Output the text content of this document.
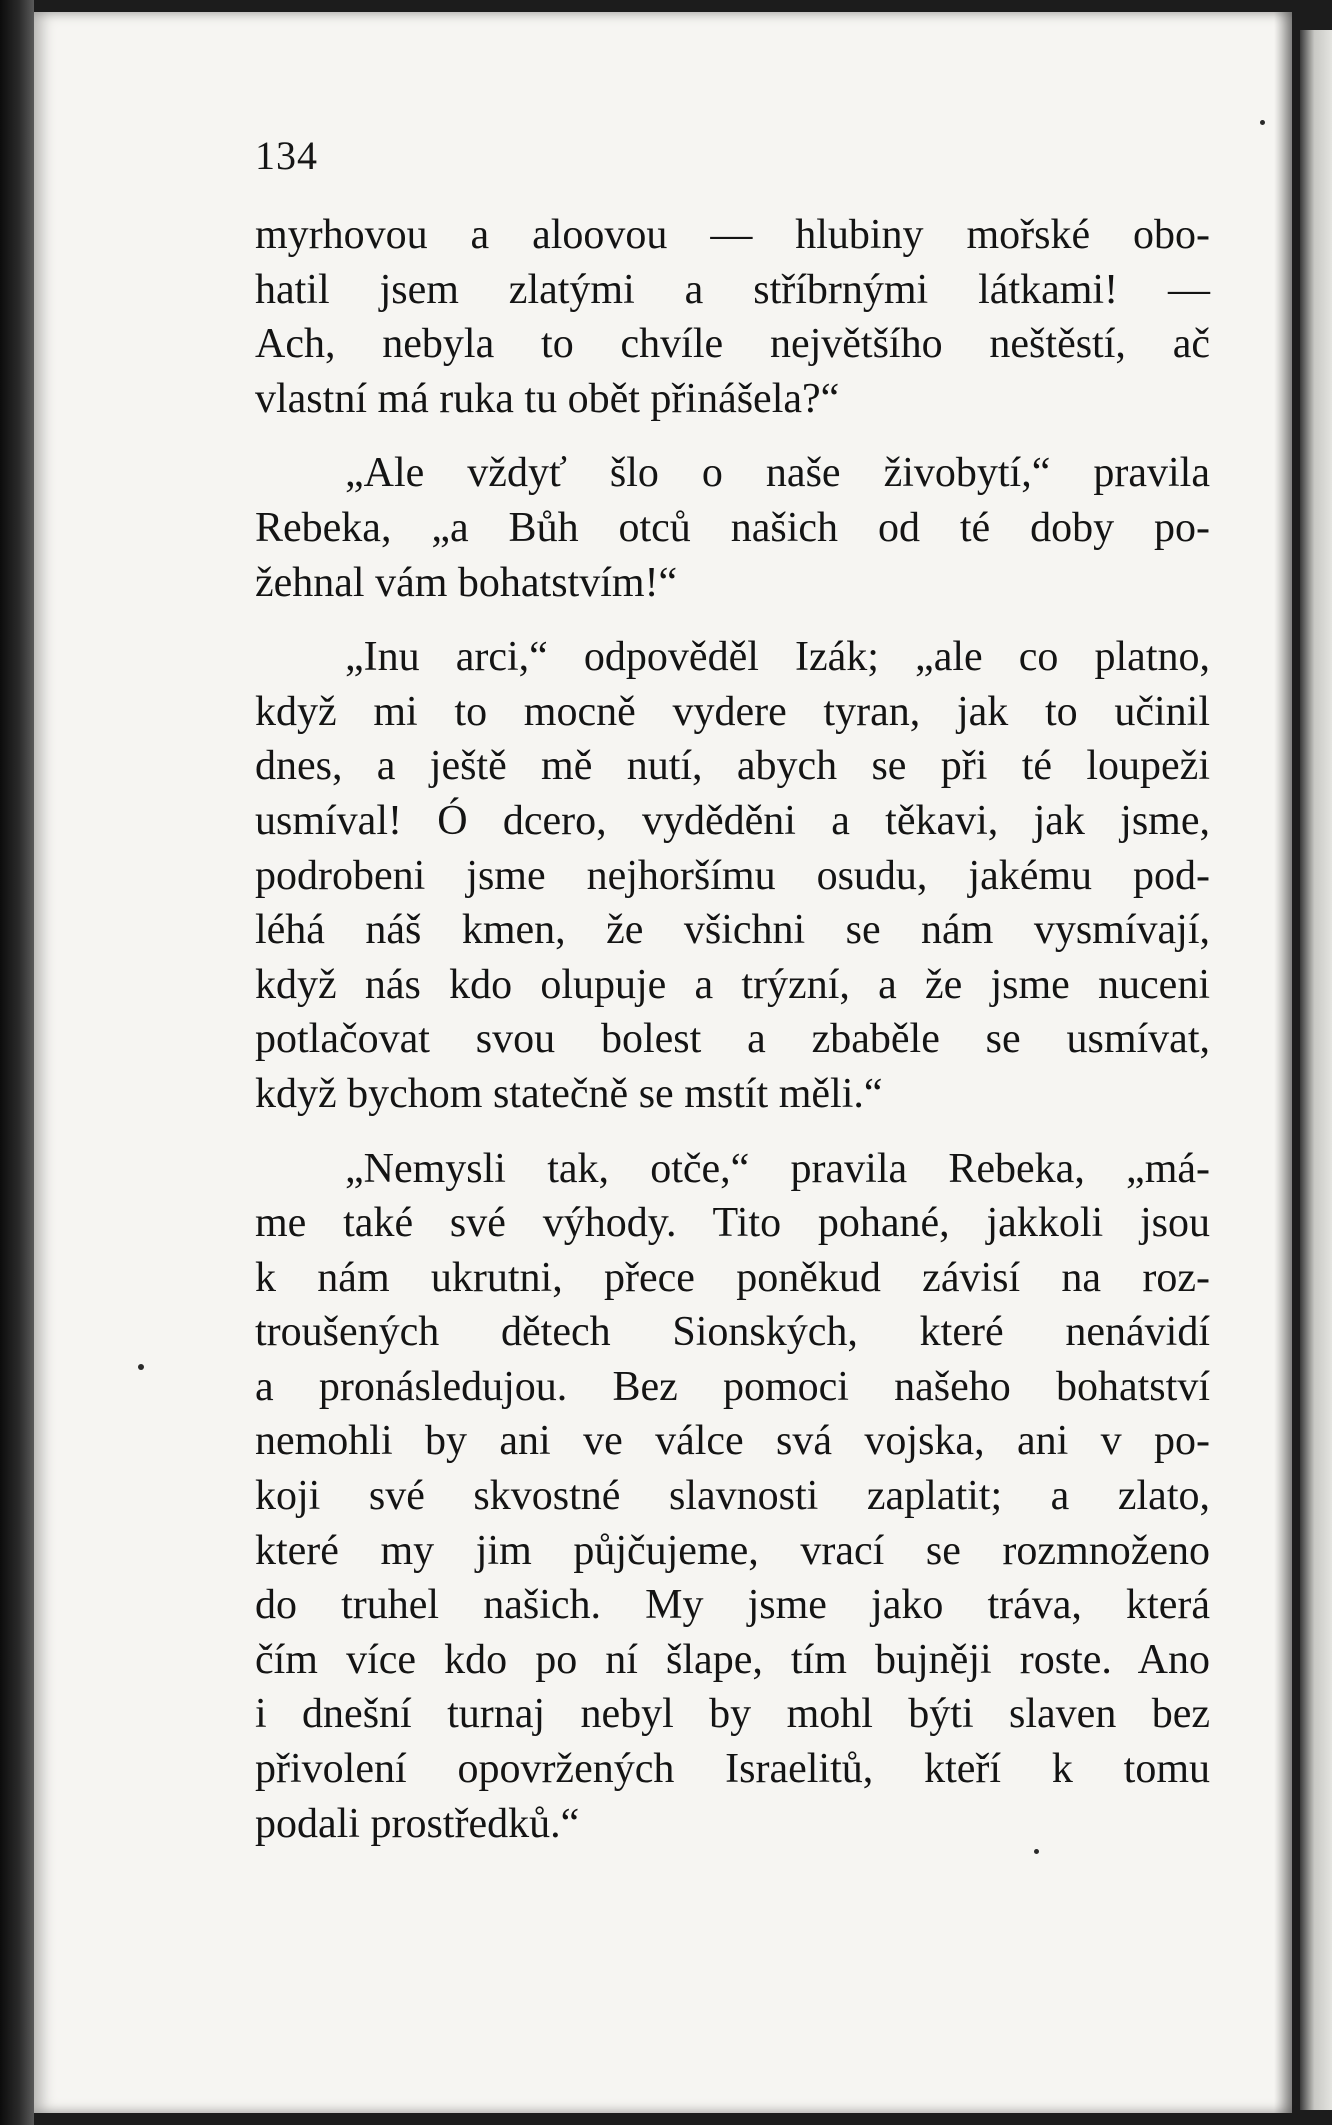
134
myrhovou a aloovou — hlubiny mořské obo-
hatil jsem zlatými a stříbrnými látkami! —
Ach, nebyla to chvíle největšího neštěstí, ač
vlastní má ruka tu obět přinášela?“
„Ale vždyť šlo o naše živobytí,“ pravila
Rebeka, „a Bůh otců našich od té doby po-
žehnal vám bohatstvím!“
„Inu arci,“ odpověděl Izák; „ale co platno,
když mi to mocně vydere tyran, jak to učinil
dnes, a ještě mě nutí, abych se při té loupeži
usmíval! Ó dcero, vyděděni a těkavi, jak jsme,
podrobeni jsme nejhoršímu osudu, jakému pod-
léhá náš kmen, že všichni se nám vysmívají,
když nás kdo olupuje a trýzní, a že jsme nuceni
potlačovat svou bolest a zbaběle se usmívat,
když bychom statečně se mstít měli.“
„Nemysli tak, otče,“ pravila Rebeka, „má-
me také své výhody. Tito pohané, jakkoli jsou
k nám ukrutni, přece poněkud závisí na roz-
troušených dětech Sionských, které nenávidí
a pronásledujou. Bez pomoci našeho bohatství
nemohli by ani ve válce svá vojska, ani v po-
koji své skvostné slavnosti zaplatit; a zlato,
které my jim půjčujeme, vrací se rozmnoženo
do truhel našich. My jsme jako tráva, která
čím více kdo po ní šlape, tím bujněji roste. Ano
i dnešní turnaj nebyl by mohl býti slaven bez
přivolení opovržených Israelitů, kteří k tomu
podali prostředků.“
